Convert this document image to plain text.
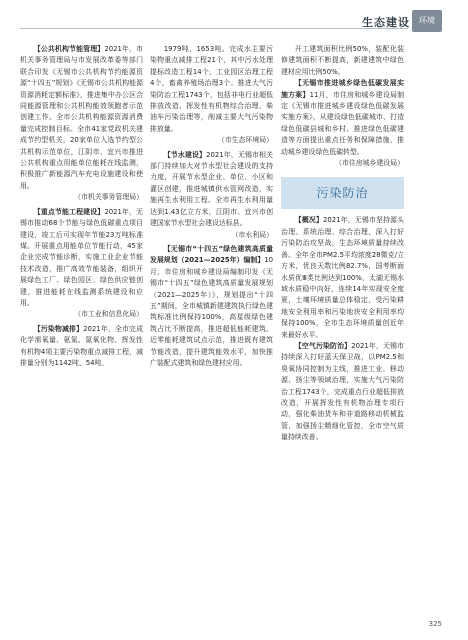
生态建设	环境

【公共机构节能管理】2021年，市机关事务管理局与市发展改革委等部门联合印发《无锡市公共机构节约能源资源“十四五”规划》《无锡市公共机构能源资源消耗定额标准》，推进集中办公区合同能源管理和公共机构能效领跑者示范创建工作。全市公共机构能源资源消费量完成控制目标。全市41家党政机关建成节约型机关，20家单位入选节约型公共机构示范单位，江阴市、宜兴市推进公共机构重点用能单位能耗在线监测，积极推广新能源汽车充电设施建设和使用。

（市机关事务管理局）

【重点节能工程建设】2021年，无锡市推动68个节能与绿色低碳重点项目建设，竣工后可实现年节能23万吨标准煤。开展重点用能单位节能行动，45家企业完成节能诊断，实施工业企业节能技术改造，推广高效节能装备，组织开展绿色工厂、绿色园区、绿色供应链创建，推进能耗在线监测系统建设和应用。

（市工业和信息化局）

【污染物减排】2021年，全市完成化学需氧量、氨氮、氮氧化物、挥发性有机物4项主要污染物重点减排工程，减排量分别为1142吨、54吨、

1979吨、1653吨。完成水主要污染物重点减排工程21个，其中污水处理提标改造工程14个，工业园区治理工程4个，畜禽养殖场治理3个。推进大气污染防治工程1743个，包括非电行业超低排放改造、挥发性有机物综合治理、柴油车污染治理等，削减主要大气污染物排放量。

（市生态环境局）

【节水建设】2021年，无锡市相关部门持续加大对节水型社会建设的支持力度，开展节水型企业、单位、小区和灌区创建，推进城镇供水管网改造，实施再生水利用工程。全市再生水利用量达到1.43亿立方米，江阴市、宜兴市创建国家节水型社会建设达标县。

（市水利局）

【无锡市“十四五”绿色建筑高质量发展规划（2021—2025年）编制】10月，市住房和城乡建设局编制印发《无锡市“十四五”绿色建筑高质量发展规划（2021—2025年）》，规划提出“十四五”期间，全市城镇新建建筑执行绿色建筑标准比例保持100%，高星级绿色建筑占比不断提高，推进超低能耗建筑、近零能耗建筑试点示范，推进既有建筑节能改造，提升建筑能效水平，加快推广装配式建筑和绿色建材应用。

开工建筑面积比例50%，装配化装修建筑面积不断提高，新建建筑中绿色建材应用比例50%。

【无锡市推进城乡绿色低碳发展实施方案】11月，市住房和城乡建设局制定《无锡市推进城乡建设绿色低碳发展实施方案》，从建设绿色低碳城市、打造绿色低碳县城和乡村、推进绿色低碳建造等方面提出重点任务和保障措施，推动城乡建设绿色低碳转型。

（市住房城乡建设局）

污染防治

【概况】2021年，无锡市坚持源头治理、系统治理、综合治理，深入打好污染防治攻坚战，生态环境质量持续改善。全年全市PM2.5平均浓度28微克/立方米，优良天数比例82.7%，国考断面水质优Ⅲ类比例达到100%，太湖无锡水域水质稳中向好，连续14年实现安全度夏，土壤环境质量总体稳定，受污染耕地安全利用率和污染地块安全利用率均保持100%，全市生态环境质量创近年来最好水平。

【空气污染防治】2021年，无锡市持续深入打好蓝天保卫战，以PM2.5和臭氧协同控制为主线，推进工业、移动源、扬尘等领域治理，实施大气污染防治工程1743个，完成重点行业超低排放改造，开展挥发性有机物治理专项行动，强化柴油货车和非道路移动机械监管，加强扬尘精细化管控，全市空气质量持续改善。

325
